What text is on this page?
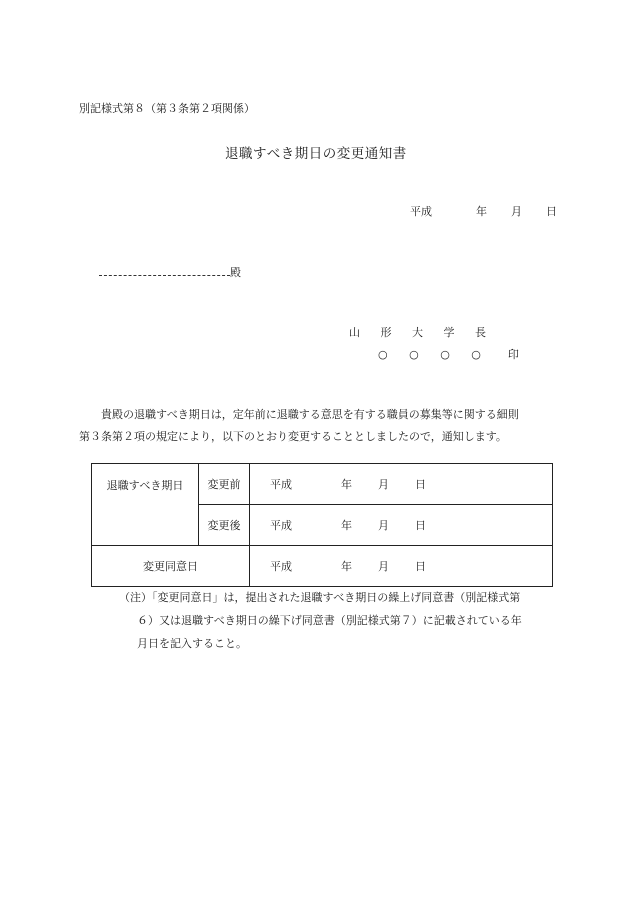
別記様式第８（第３条第２項関係）
退職すべき期日の変更通知書
平成	年 月 日
殿
山 形 大 学 長
○ ○ ○ ○ 印

貴殿の退職すべき期日は，定年前に退職する意思を有する職員の募集等に関する細則

第３条第２項の規定により，以下のとおり変更することとしましたので，通知します。

退職すべき期日	変更前	平成 年 月 日
	変更後	平成 年 月 日
変更同意日		平成 年 月 日

（注）「変更同意日」は，提出された退職すべき期日の繰上げ同意書（別記様式第

６）又は退職すべき期日の繰下げ同意書（別記様式第７）に記載されている年

月日を記入すること。
